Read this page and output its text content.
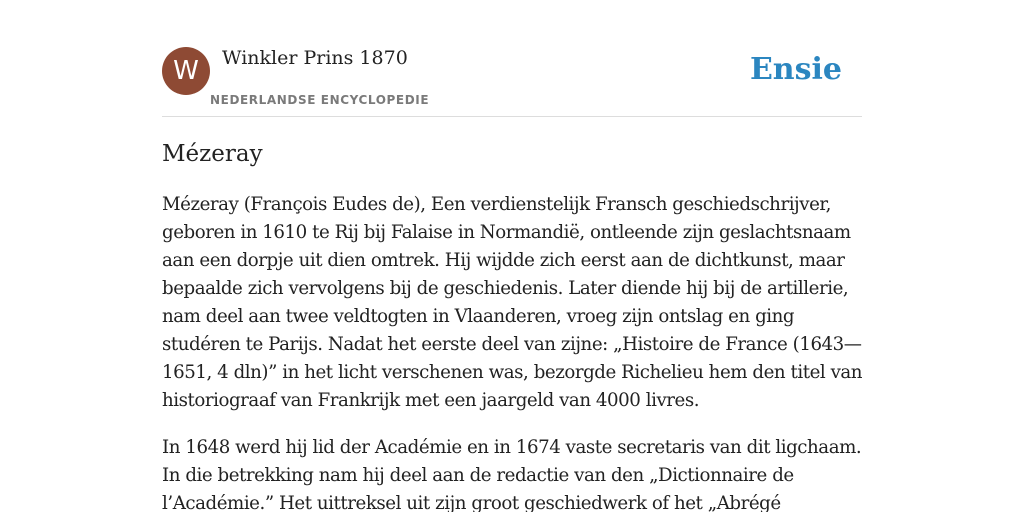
W	Winkler Prins 1870
NEDERLANDSE ENCYCLOPEDIE
Ensie
Mézeray

Mézeray (François Eudes de), Een verdienstelijk Fransch geschiedschrijver, geboren in 1610 te Rij bij Falaise in Normandië, ontleende zijn geslachtsnaam aan een dorpje uit dien omtrek. Hij wijdde zich eerst aan de dichtkunst, maar bepaalde zich vervolgens bij de geschiedenis. Later diende hij bij de artillerie, nam deel aan twee veldtogten in Vlaanderen, vroeg zijn ontslag en ging studéren te Parijs. Nadat het eerste deel van zijne: „Histoire de France (1643—1651, 4 dln)” in het licht verschenen was, bezorgde Richelieu hem den titel van historiograaf van Frankrijk met een jaargeld van 4000 livres.

In 1648 werd hij lid der Académie en in 1674 vaste secretaris van dit ligchaam. In die betrekking nam hij deel aan de redactie van den „Dictionnaire de l’Académie.” Het uittreksel uit zijn groot geschiedwerk of het „Abrégé
